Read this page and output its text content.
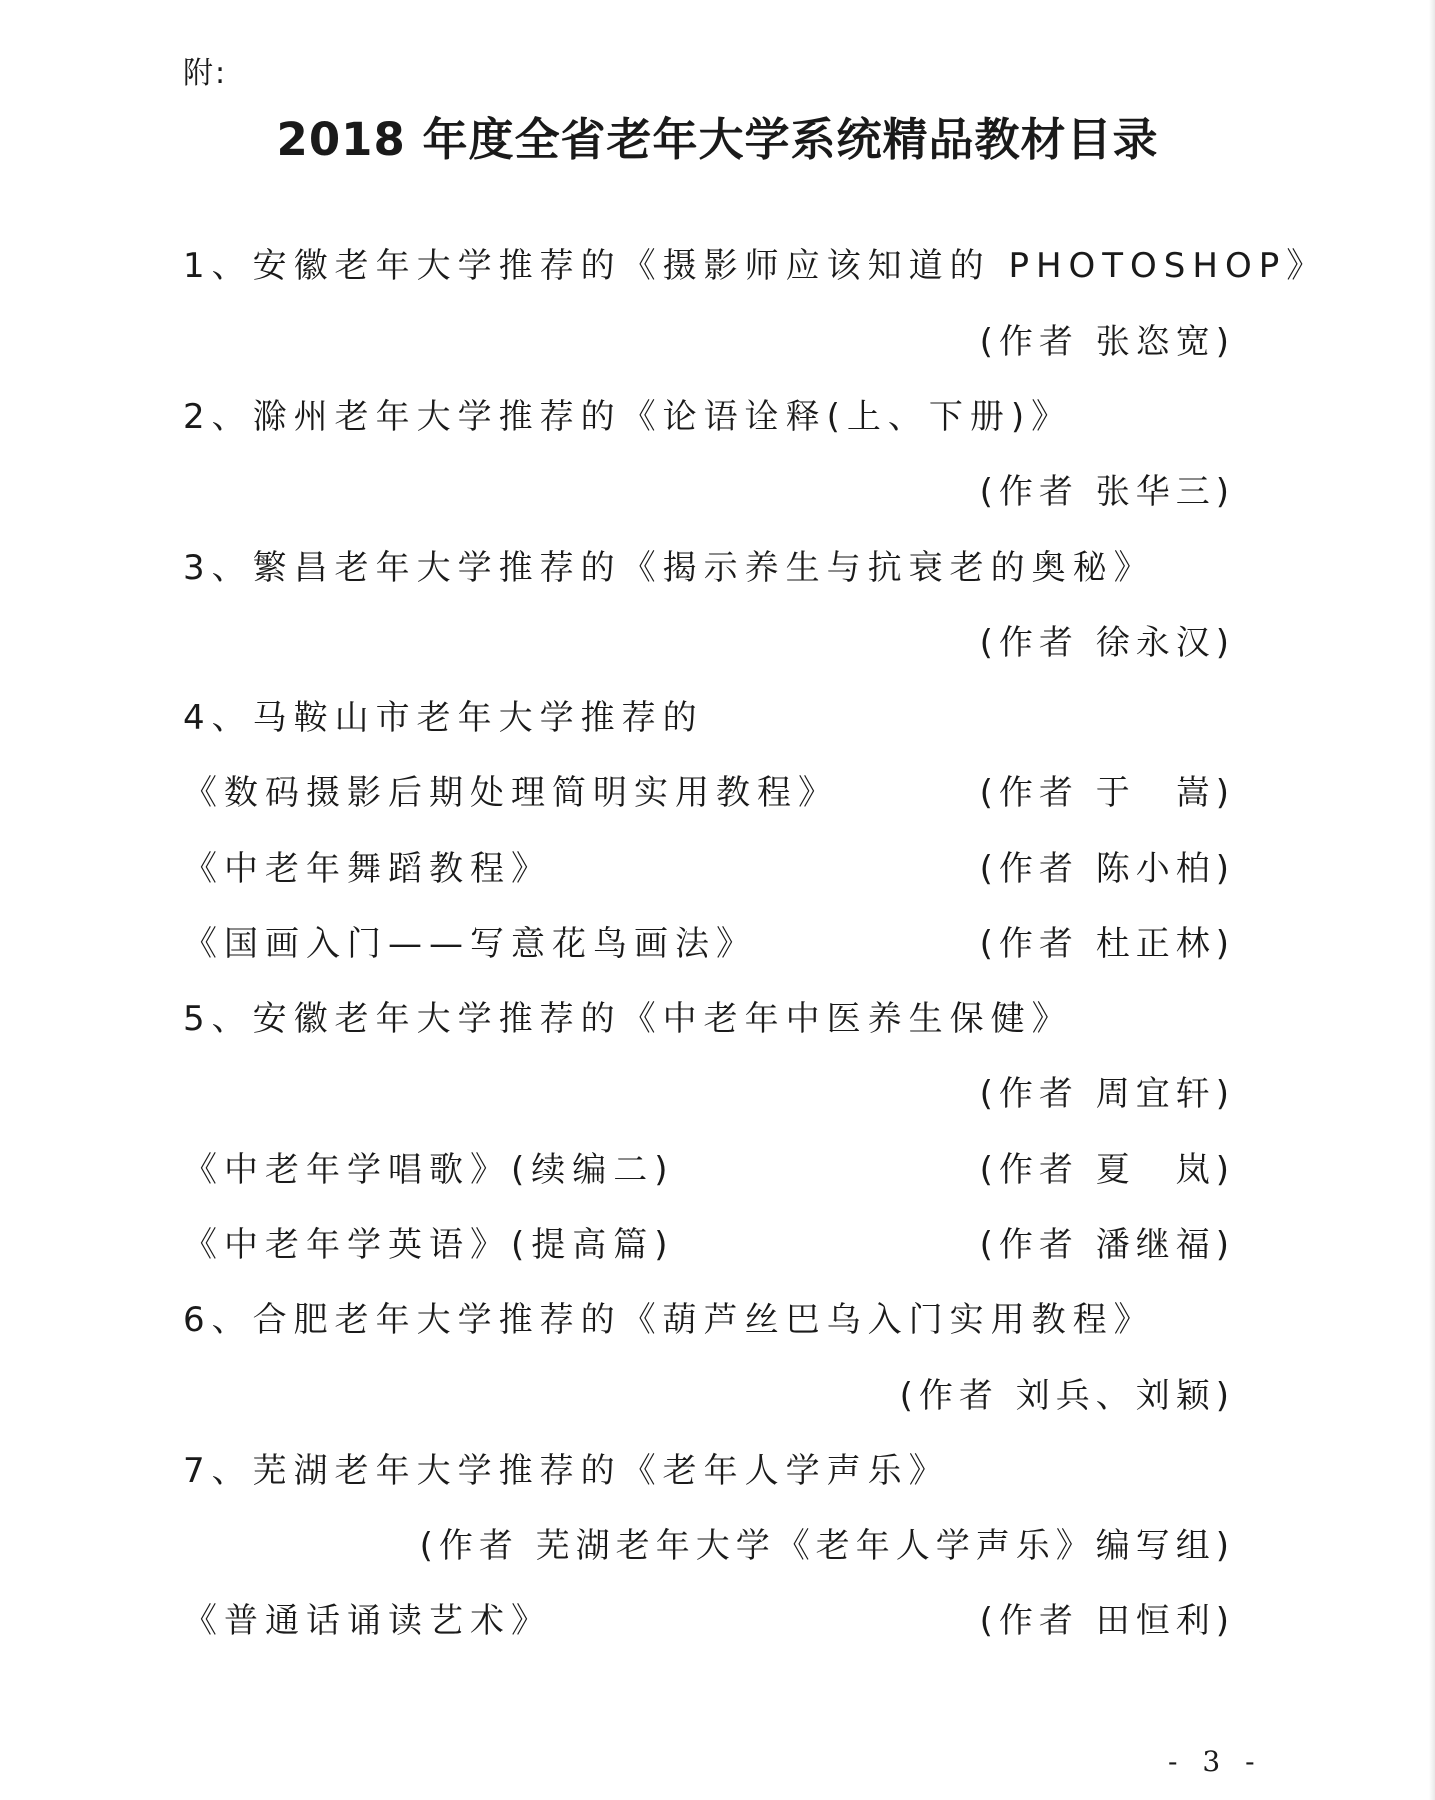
附:
2018 年度全省老年大学系统精品教材目录
1、安徽老年大学推荐的《摄影师应该知道的 PHOTOSHOP》
(作者 张恣宽)
2、滁州老年大学推荐的《论语诠释(上、下册)》
(作者 张华三)
3、繁昌老年大学推荐的《揭示养生与抗衰老的奥秘》
(作者 徐永汉)
4、马鞍山市老年大学推荐的
《数码摄影后期处理简明实用教程》	(作者 于　嵩)
《中老年舞蹈教程》	(作者 陈小柏)
《国画入门——写意花鸟画法》	(作者 杜正林)
5、安徽老年大学推荐的《中老年中医养生保健》
(作者 周宜轩)
《中老年学唱歌》(续编二)	(作者 夏　岚)
《中老年学英语》(提高篇)	(作者 潘继福)
6、合肥老年大学推荐的《葫芦丝巴乌入门实用教程》
(作者 刘兵、刘颖)
7、芜湖老年大学推荐的《老年人学声乐》
(作者 芜湖老年大学《老年人学声乐》编写组)
《普通话诵读艺术》	(作者 田恒利)
- 3 -
